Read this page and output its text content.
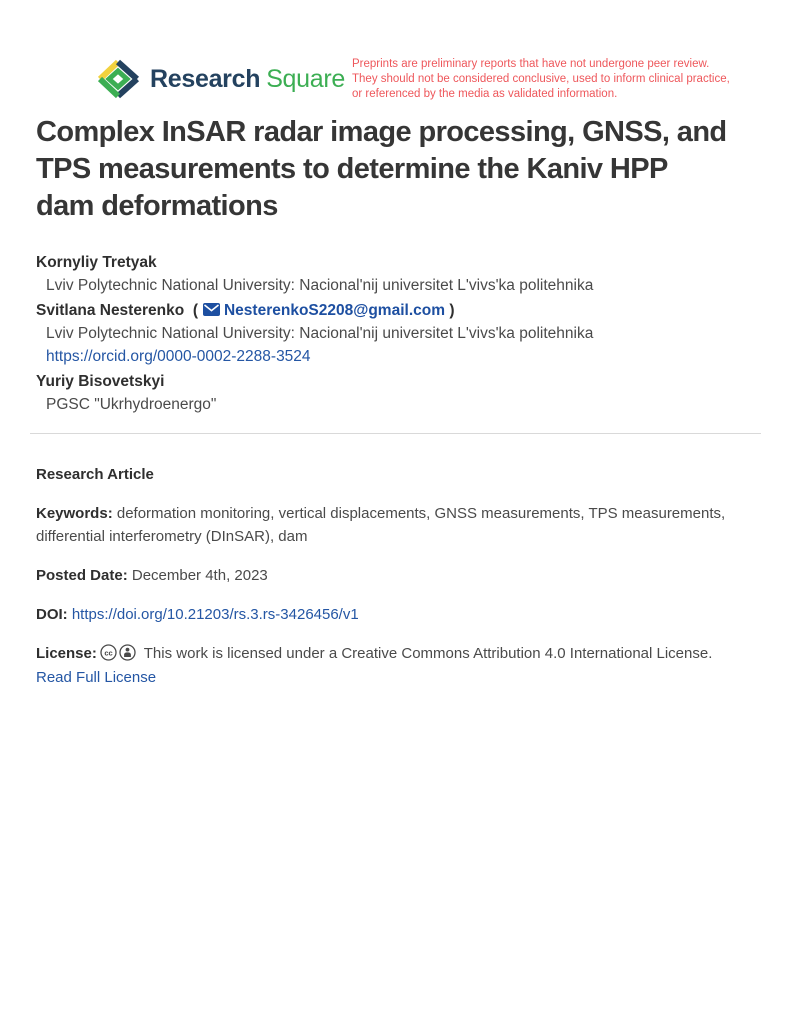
Research Square
Preprints are preliminary reports that have not undergone peer review.
They should not be considered conclusive, used to inform clinical practice,
or referenced by the media as validated information.
Complex InSAR radar image processing, GNSS, and
TPS measurements to determine the Kaniv HPP
dam deformations
Kornyliy Tretyak
Lviv Polytechnic National University: Nacional'nij universitet L'vivs'ka politehnika
Svitlana Nesterenko ( NesterenkoS2208@gmail.com )
Lviv Polytechnic National University: Nacional'nij universitet L'vivs'ka politehnika
https://orcid.org/0000-0002-2288-3524
Yuriy Bisovetskyi
PGSC "Ukrhydroenergo"
Research Article
Keywords: deformation monitoring, vertical displacements, GNSS measurements, TPS measurements, differential interferometry (DInSAR), dam
Posted Date: December 4th, 2023
DOI: https://doi.org/10.21203/rs.3.rs-3426456/v1
License: cc This work is licensed under a Creative Commons Attribution 4.0 International License.
Read Full License
